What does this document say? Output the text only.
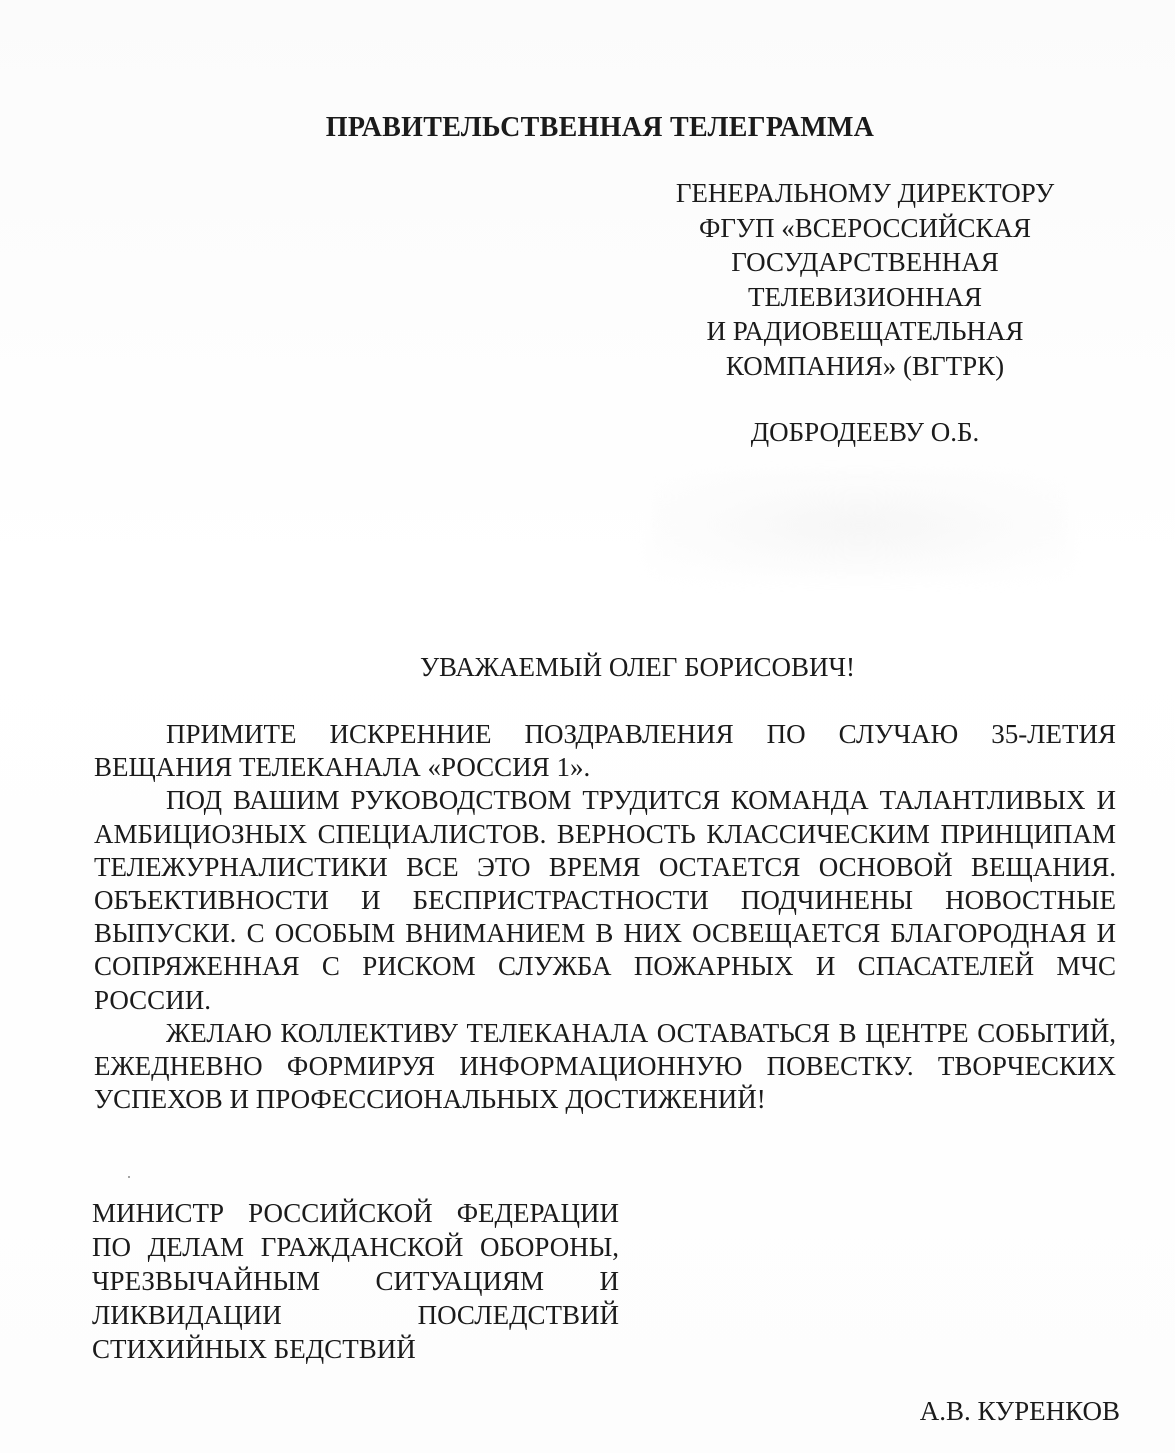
ПРАВИТЕЛЬСТВЕННАЯ ТЕЛЕГРАММА
ГЕНЕРАЛЬНОМУ ДИРЕКТОРУ
ФГУП «ВСЕРОССИЙСКАЯ
ГОСУДАРСТВЕННАЯ
ТЕЛЕВИЗИОННАЯ
И РАДИОВЕЩАТЕЛЬНАЯ
КОМПАНИЯ» (ВГТРК)
ДОБРОДЕЕВУ О.Б.
УВАЖАЕМЫЙ ОЛЕГ БОРИСОВИЧ!

ПРИМИТЕ ИСКРЕННИЕ ПОЗДРАВЛЕНИЯ ПО СЛУЧАЮ 35-ЛЕТИЯ ВЕЩАНИЯ ТЕЛЕКАНАЛА «РОССИЯ 1».

ПОД ВАШИМ РУКОВОДСТВОМ ТРУДИТСЯ КОМАНДА ТАЛАНТЛИВЫХ И АМБИЦИОЗНЫХ СПЕЦИАЛИСТОВ. ВЕРНОСТЬ КЛАССИЧЕСКИМ ПРИНЦИПАМ ТЕЛЕЖУРНАЛИСТИКИ ВСЕ ЭТО ВРЕМЯ ОСТАЕТСЯ ОСНОВОЙ ВЕЩАНИЯ. ОБЪЕКТИВНОСТИ И БЕСПРИСТРАСТНОСТИ ПОДЧИНЕНЫ НОВОСТНЫЕ ВЫПУСКИ. С ОСОБЫМ ВНИМАНИЕМ В НИХ ОСВЕЩАЕТСЯ БЛАГОРОДНАЯ И СОПРЯЖЕННАЯ С РИСКОМ СЛУЖБА ПОЖАРНЫХ И СПАСАТЕЛЕЙ МЧС РОССИИ.

ЖЕЛАЮ КОЛЛЕКТИВУ ТЕЛЕКАНАЛА ОСТАВАТЬСЯ В ЦЕНТРЕ СОБЫТИЙ, ЕЖЕДНЕВНО ФОРМИРУЯ ИНФОРМАЦИОННУЮ ПОВЕСТКУ. ТВОРЧЕСКИХ УСПЕХОВ И ПРОФЕССИОНАЛЬНЫХ ДОСТИЖЕНИЙ!

МИНИСТР РОССИЙСКОЙ ФЕДЕРАЦИИ
ПО ДЕЛАМ ГРАЖДАНСКОЙ ОБОРОНЫ,
ЧРЕЗВЫЧАЙНЫМ СИТУАЦИЯМ И
ЛИКВИДАЦИИ ПОСЛЕДСТВИЙ
СТИХИЙНЫХ БЕДСТВИЙ
А.В. КУРЕНКОВ
